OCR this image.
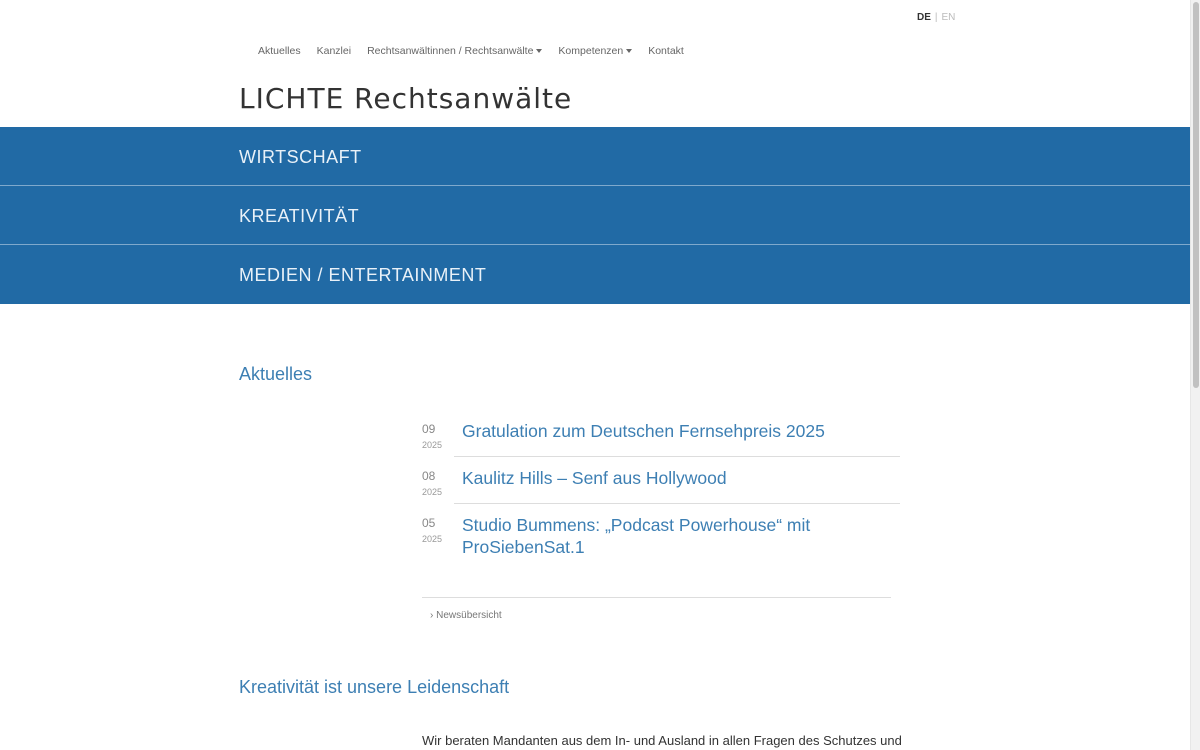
DE | EN
Aktuelles Kanzlei Rechtsanwältinnen / Rechtsanwälte Kompetenzen Kontakt
LICHTE Rechtsanwälte
WIRTSCHAFT
KREATIVITÄT
MEDIEN / ENTERTAINMENT
Aktuelles
09
2025
Gratulation zum Deutschen Fernsehpreis 2025
08
2025
Kaulitz Hills – Senf aus Hollywood
05
2025
Studio Bummens: „Podcast Powerhouse“ mit ProSiebenSat.1
› Newsübersicht
Kreativität ist unsere Leidenschaft
Wir beraten Mandanten aus dem In- und Ausland in allen Fragen des Schutzes und
